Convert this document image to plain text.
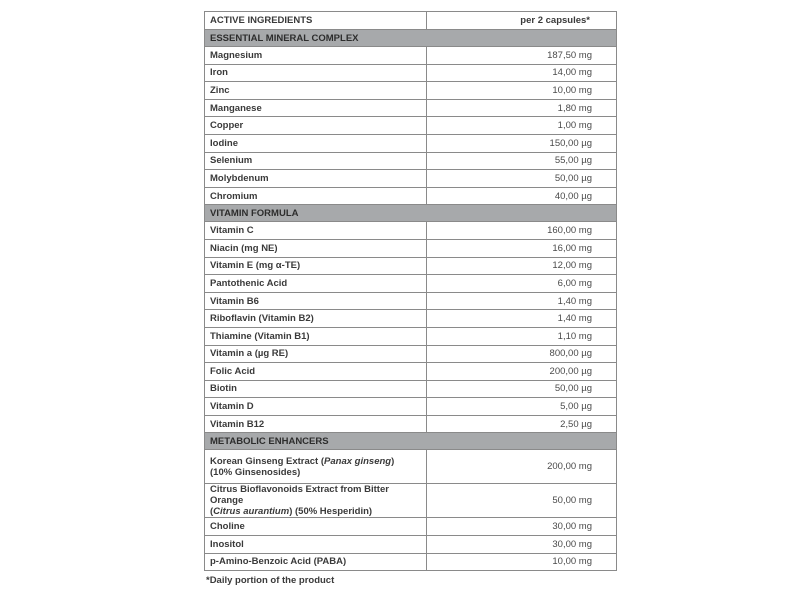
ACTIVE INGREDIENTS	per 2 capsules*
ESSENTIAL MINERAL COMPLEX	
Magnesium	187,50 mg
Iron	14,00 mg
Zinc	10,00 mg
Manganese	1,80 mg
Copper	1,00 mg
Iodine	150,00 µg
Selenium	55,00 µg
Molybdenum	50,00 µg
Chromium	40,00 µg
VITAMIN FORMULA	
Vitamin C	160,00 mg
Niacin (mg NE)	16,00 mg
Vitamin E (mg α-TE)	12,00 mg
Pantothenic Acid	6,00 mg
Vitamin B6	1,40 mg
Riboflavin (Vitamin B2)	1,40 mg
Thiamine (Vitamin B1)	1,10 mg
Vitamin a (µg RE)	800,00 µg
Folic Acid	200,00 µg
Biotin	50,00 µg
Vitamin D	5,00 µg
Vitamin B12	2,50 µg
METABOLIC ENHANCERS	
Korean Ginseng Extract (Panax ginseng)
(10% Ginsenosides)	200,00 mg
Citrus Bioflavonoids Extract from Bitter Orange
(Citrus aurantium) (50% Hesperidin)	50,00 mg
Choline	30,00 mg
Inositol	30,00 mg
p-Amino-Benzoic Acid (PABA)	10,00 mg
*Daily portion of the product
